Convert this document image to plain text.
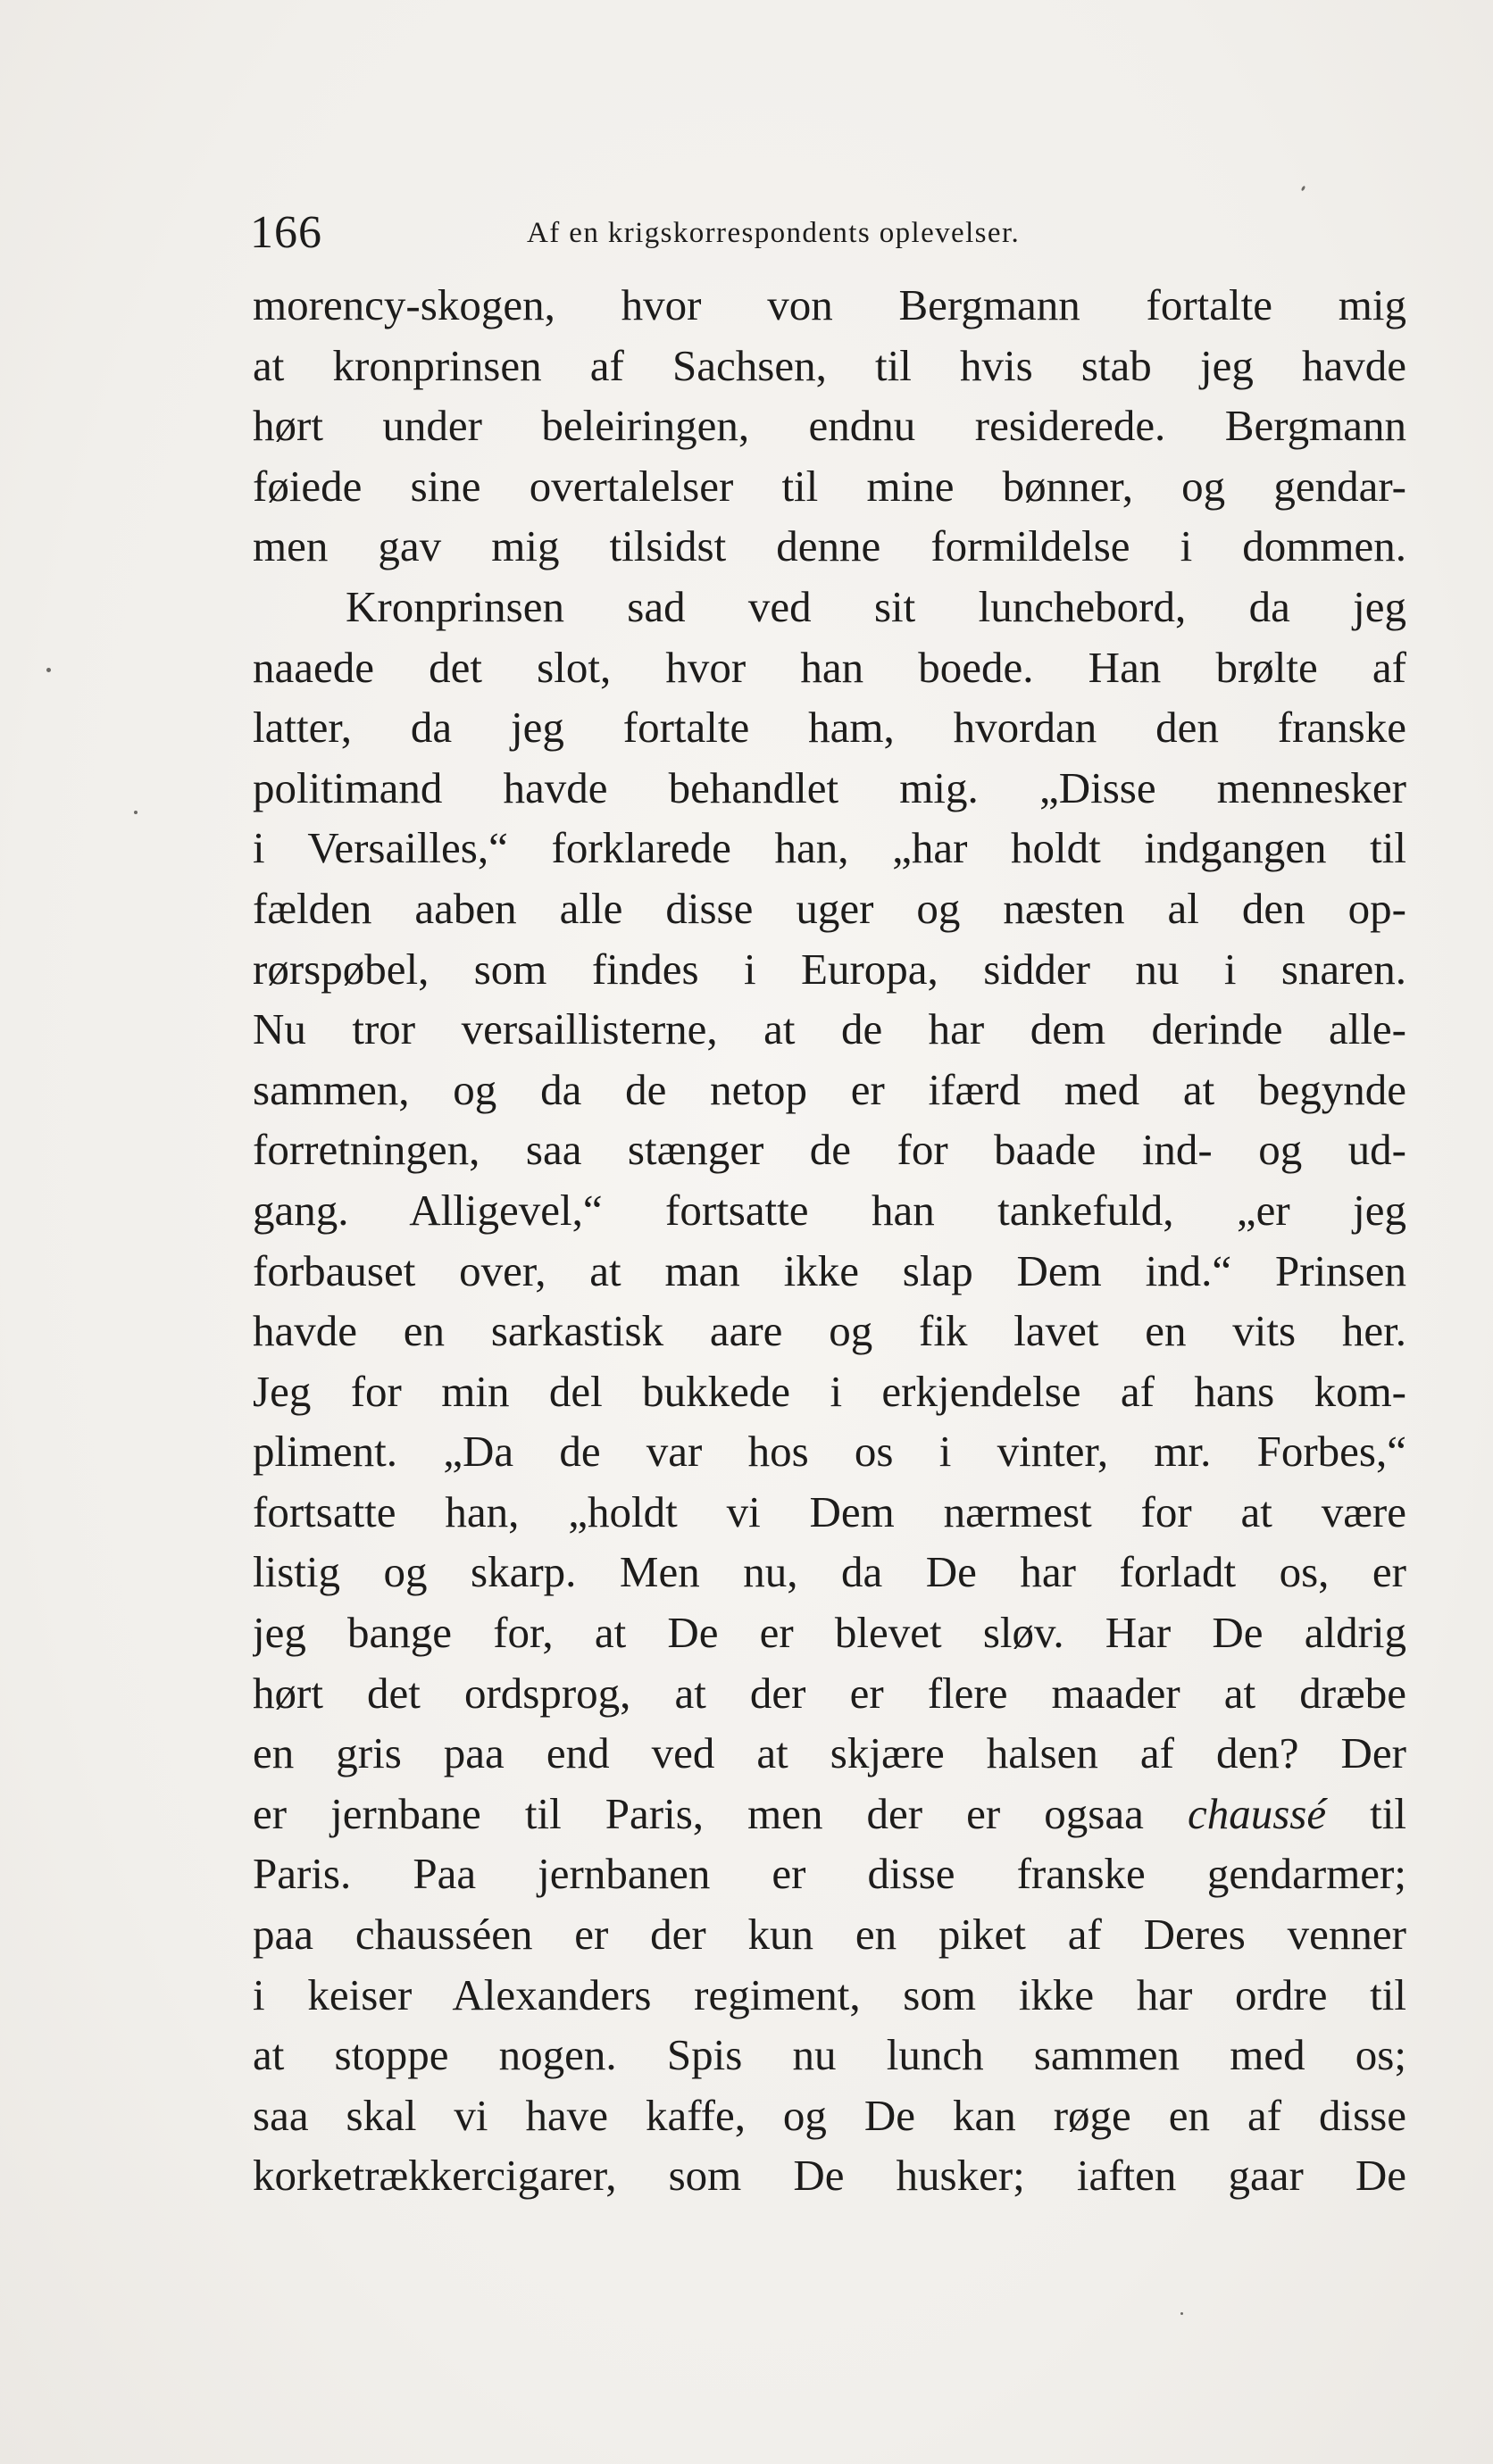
166	Af en krigskorrespondents oplevelser.
morency-skogen, hvor von Bergmann fortalte mig
at kronprinsen af Sachsen, til hvis stab jeg havde
hørt under beleiringen, endnu residerede. Bergmann
føiede sine overtalelser til mine bønner, og gendar-
men gav mig tilsidst denne formildelse i dommen.
Kronprinsen sad ved sit lunchebord, da jeg
naaede det slot, hvor han boede. Han brølte af
latter, da jeg fortalte ham, hvordan den franske
politimand havde behandlet mig. „Disse mennesker
i Versailles,“ forklarede han, „har holdt indgangen til
fælden aaben alle disse uger og næsten al den op-
rørspøbel, som findes i Europa, sidder nu i snaren.
Nu tror versaillisterne, at de har dem derinde alle-
sammen, og da de netop er ifærd med at begynde
forretningen, saa stænger de for baade ind- og ud-
gang. Alligevel,“ fortsatte han tankefuld, „er jeg
forbauset over, at man ikke slap Dem ind.“ Prinsen
havde en sarkastisk aare og fik lavet en vits her.
Jeg for min del bukkede i erkjendelse af hans kom-
pliment. „Da de var hos os i vinter, mr. Forbes,“
fortsatte han, „holdt vi Dem nærmest for at være
listig og skarp. Men nu, da De har forladt os, er
jeg bange for, at De er blevet sløv. Har De aldrig
hørt det ordsprog, at der er flere maader at dræbe
en gris paa end ved at skjære halsen af den? Der
er jernbane til Paris, men der er ogsaa chaussé til
Paris. Paa jernbanen er disse franske gendarmer;
paa chausséen er der kun en piket af Deres venner
i keiser Alexanders regiment, som ikke har ordre til
at stoppe nogen. Spis nu lunch sammen med os;
saa skal vi have kaffe, og De kan røge en af disse
korketrækkercigarer, som De husker; iaften gaar De
